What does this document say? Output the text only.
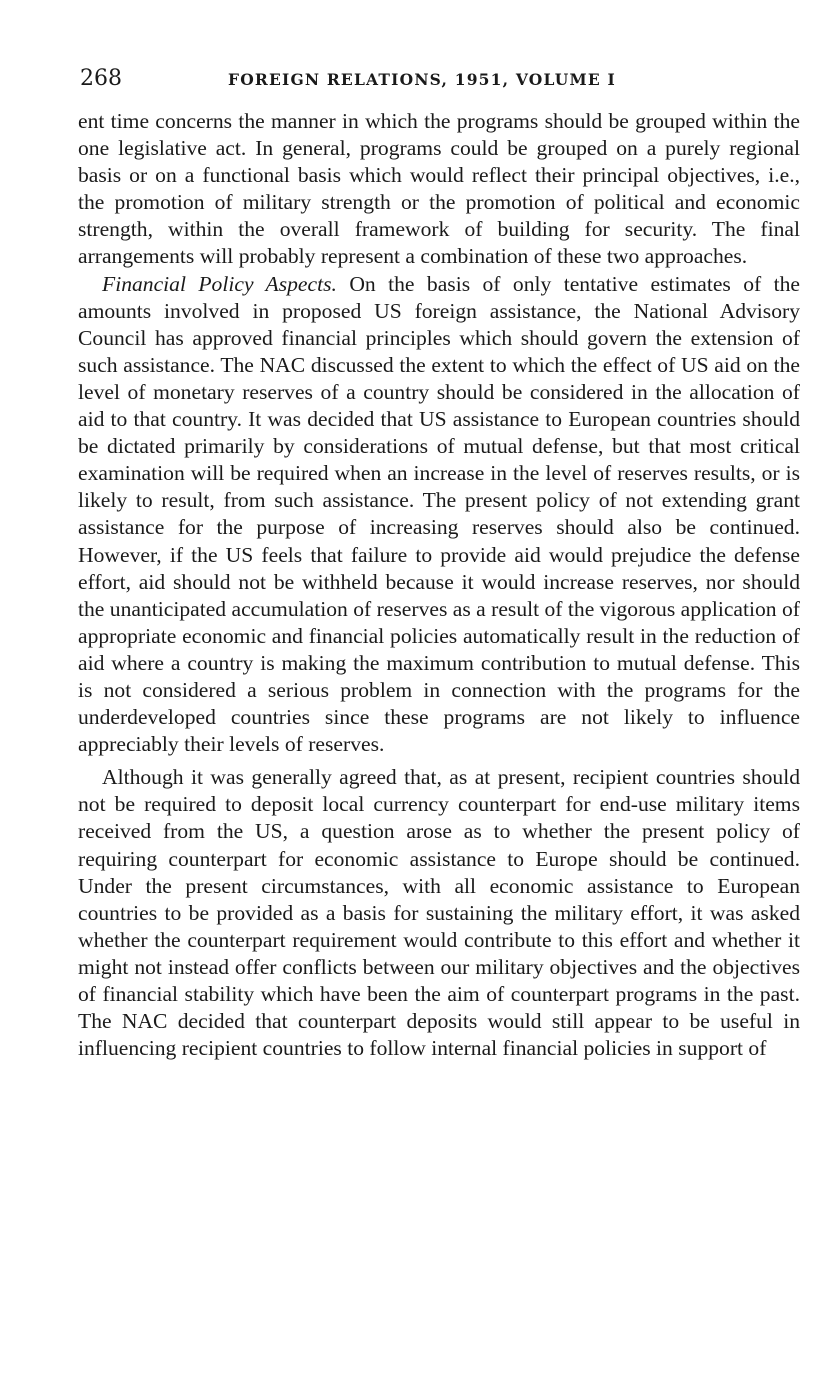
268	FOREIGN RELATIONS, 1951, VOLUME I

ent time concerns the manner in which the programs should be grouped within the one legislative act. In general, programs could be grouped on a purely regional basis or on a functional basis which would reflect their principal objectives, i.e., the promotion of military strength or the promotion of political and economic strength, within the overall framework of building for security. The final arrangements will probably represent a combination of these two approaches.

Financial Policy Aspects. On the basis of only tentative estimates of the amounts involved in proposed US foreign assistance, the National Advisory Council has approved financial principles which should govern the extension of such assistance. The NAC discussed the extent to which the effect of US aid on the level of monetary reserves of a country should be considered in the allocation of aid to that country. It was decided that US assistance to European countries should be dictated primarily by considerations of mutual defense, but that most critical examination will be required when an increase in the level of reserves results, or is likely to result, from such assistance. The present policy of not extending grant assistance for the purpose of increasing reserves should also be continued. However, if the US feels that failure to provide aid would prejudice the defense effort, aid should not be withheld because it would increase reserves, nor should the unanticipated accumulation of reserves as a result of the vigorous application of appropriate economic and financial policies automatically result in the reduction of aid where a country is making the maximum contribution to mutual defense. This is not considered a serious problem in connection with the programs for the underdeveloped countries since these programs are not likely to influence appreciably their levels of reserves.

Although it was generally agreed that, as at present, recipient countries should not be required to deposit local currency counterpart for end-use military items received from the US, a question arose as to whether the present policy of requiring counterpart for economic assistance to Europe should be continued. Under the present circumstances, with all economic assistance to European countries to be provided as a basis for sustaining the military effort, it was asked whether the counterpart requirement would contribute to this effort and whether it might not instead offer conflicts between our military objectives and the objectives of financial stability which have been the aim of counterpart programs in the past. The NAC decided that counterpart deposits would still appear to be useful in influencing recipient countries to follow internal financial policies in support of
